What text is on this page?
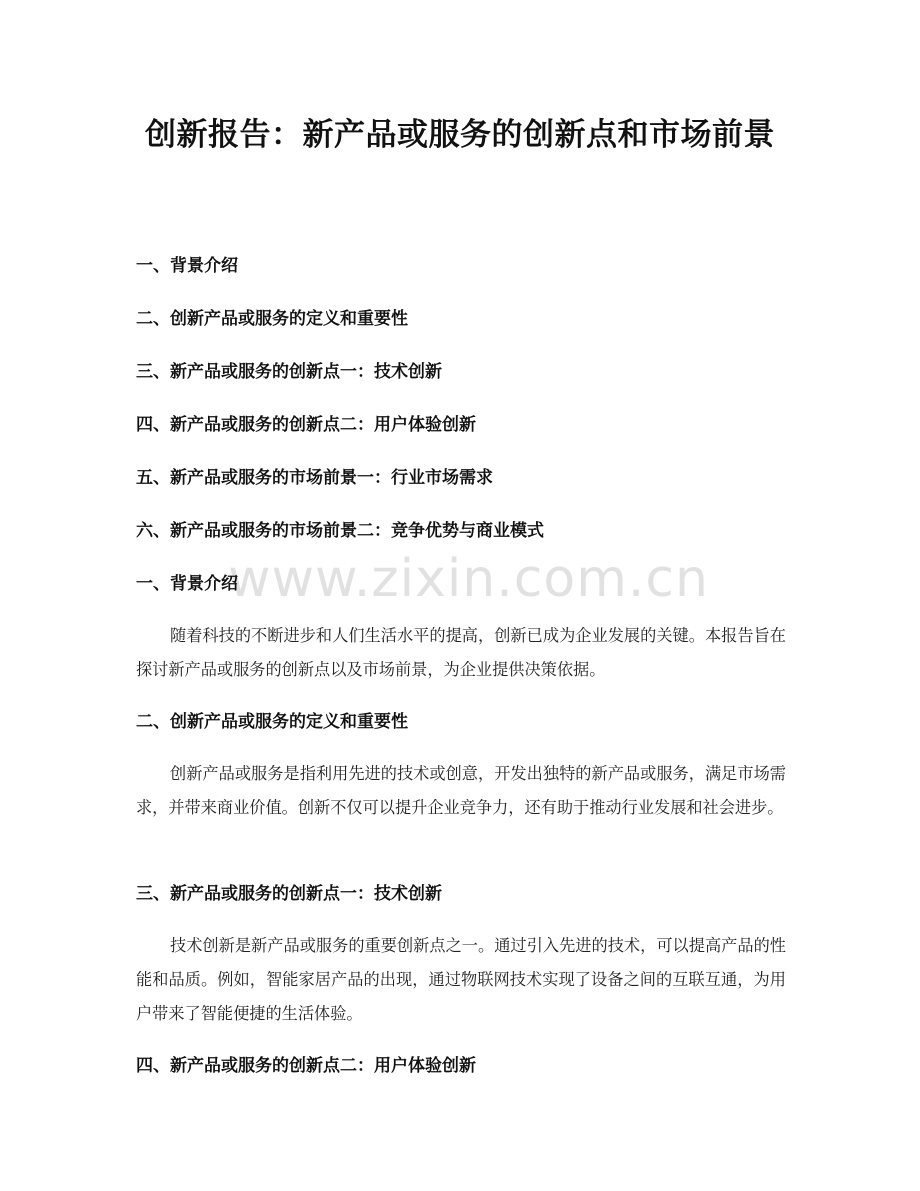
创新报告：新产品或服务的创新点和市场前景

一、背景介绍

二、创新产品或服务的定义和重要性

三、新产品或服务的创新点一：技术创新

四、新产品或服务的创新点二：用户体验创新

五、新产品或服务的市场前景一：行业市场需求

六、新产品或服务的市场前景二：竞争优势与商业模式

www.zixin.com.cn

一、背景介绍

随着科技的不断进步和人们生活水平的提高，创新已成为企业发展的关键。本报告旨在探讨新产品或服务的创新点以及市场前景，为企业提供决策依据。

二、创新产品或服务的定义和重要性

创新产品或服务是指利用先进的技术或创意，开发出独特的新产品或服务，满足市场需求，并带来商业价值。创新不仅可以提升企业竞争力，还有助于推动行业发展和社会进步。

三、新产品或服务的创新点一：技术创新

技术创新是新产品或服务的重要创新点之一。通过引入先进的技术，可以提高产品的性能和品质。例如，智能家居产品的出现，通过物联网技术实现了设备之间的互联互通，为用户带来了智能便捷的生活体验。

四、新产品或服务的创新点二：用户体验创新
